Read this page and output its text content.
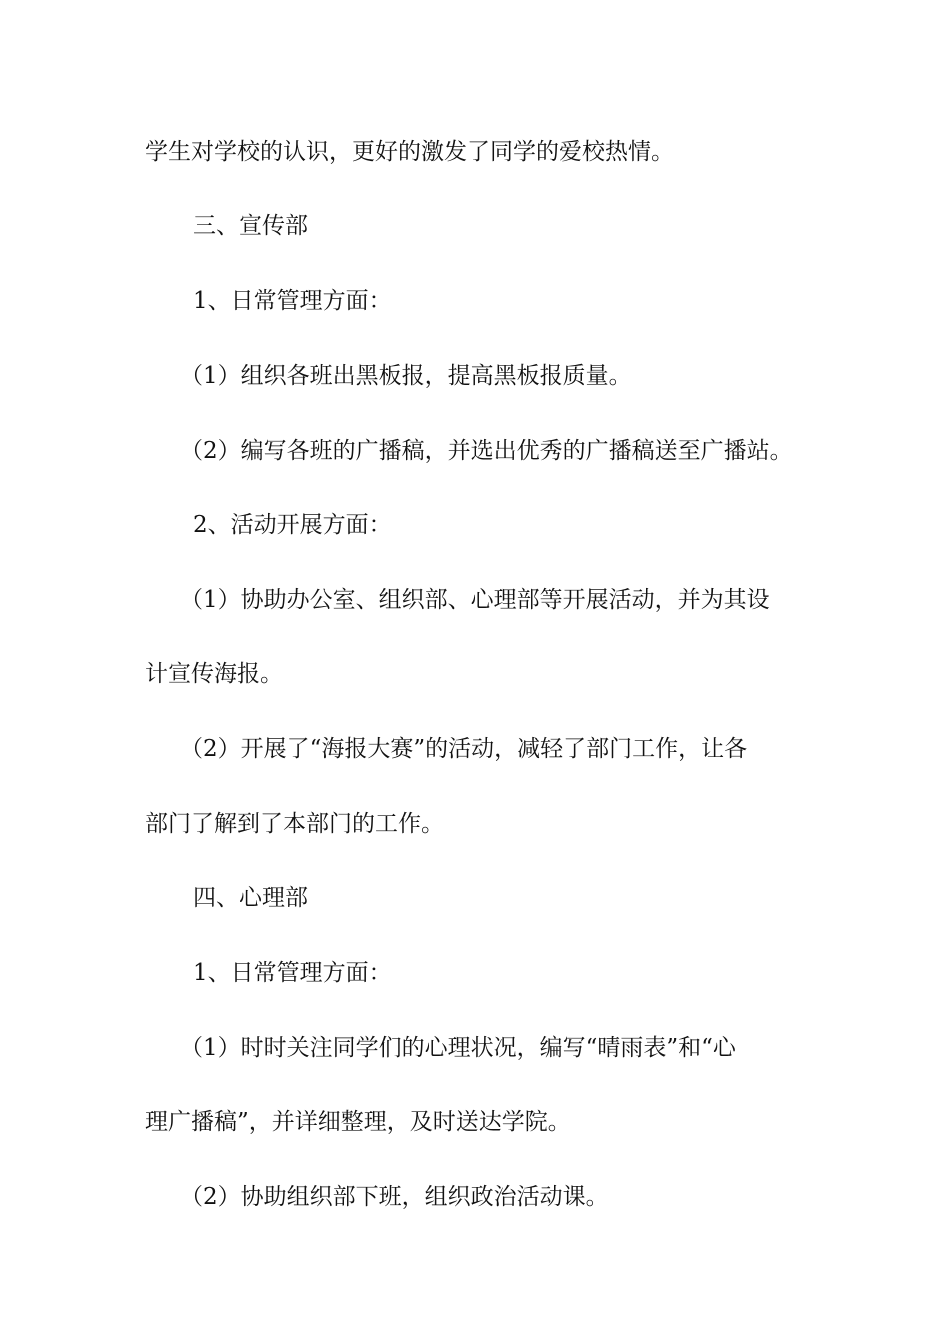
学生对学校的认识，更好的激发了同学的爱校热情。
三、宣传部
1、日常管理方面：
（1）组织各班出黑板报，提高黑板报质量。
（2）编写各班的广播稿，并选出优秀的广播稿送至广播站。
2、活动开展方面：
（1）协助办公室、组织部、心理部等开展活动，并为其设
计宣传海报。
（2）开展了“海报大赛”的活动，减轻了部门工作，让各
部门了解到了本部门的工作。
四、心理部
1、日常管理方面：
（1）时时关注同学们的心理状况，编写“晴雨表”和“心
理广播稿”，并详细整理，及时送达学院。
（2）协助组织部下班，组织政治活动课。
